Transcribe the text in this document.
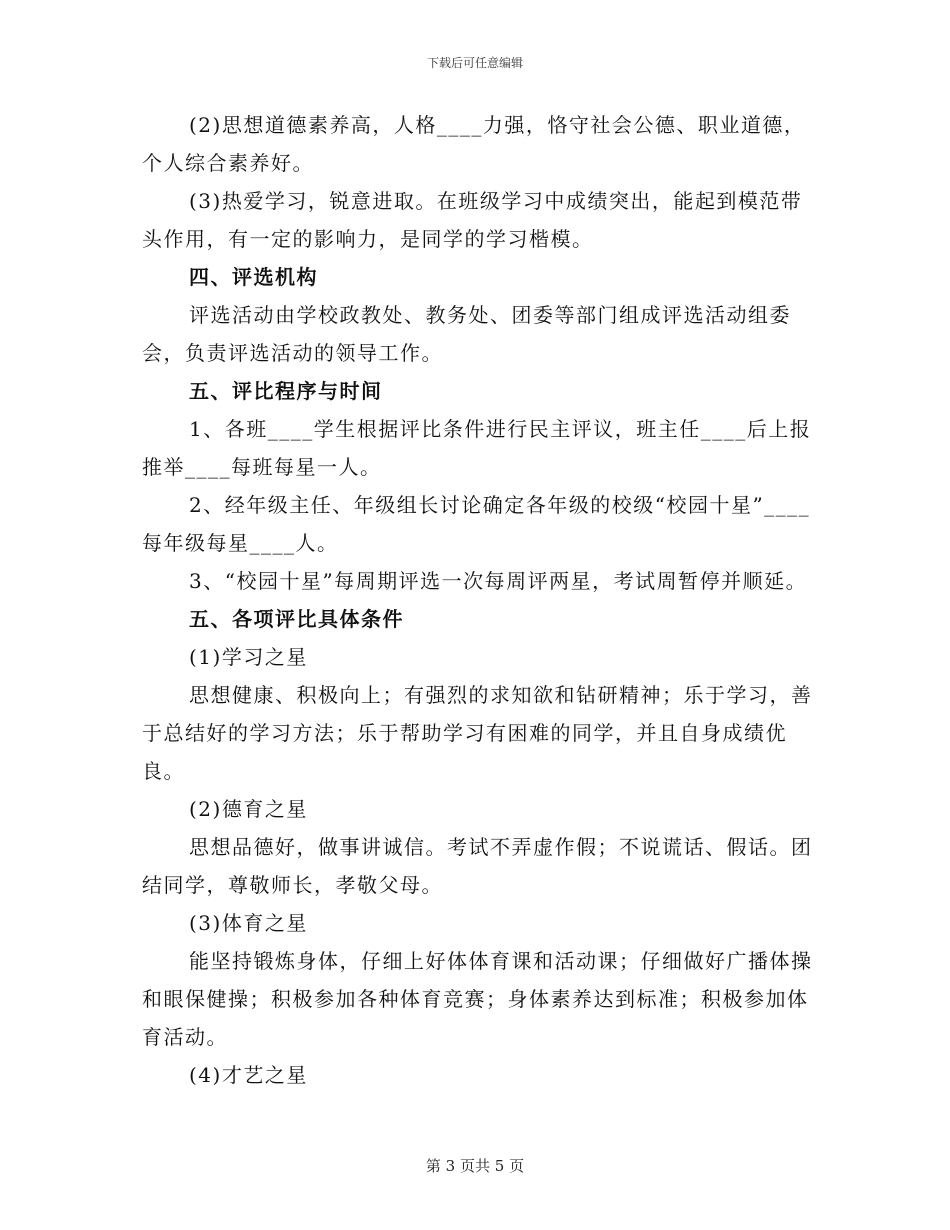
下载后可任意编辑

(2)思想道德素养高，人格____力强，恪守社会公德、职业道德，个人综合素养好。

(3)热爱学习，锐意进取。在班级学习中成绩突出，能起到模范带头作用，有一定的影响力，是同学的学习楷模。

四、评选机构

评选活动由学校政教处、教务处、团委等部门组成评选活动组委会，负责评选活动的领导工作。

五、评比程序与时间

1、各班____学生根据评比条件进行民主评议，班主任____后上报推举____每班每星一人。

2、经年级主任、年级组长讨论确定各年级的校级“校园十星”____每年级每星____人。

3、“校园十星”每周期评选一次每周评两星，考试周暂停并顺延。

五、各项评比具体条件

(1)学习之星

思想健康、积极向上；有强烈的求知欲和钻研精神；乐于学习，善于总结好的学习方法；乐于帮助学习有困难的同学，并且自身成绩优良。

(2)德育之星

思想品德好，做事讲诚信。考试不弄虚作假；不说谎话、假话。团结同学，尊敬师长，孝敬父母。

(3)体育之星

能坚持锻炼身体，仔细上好体体育课和活动课；仔细做好广播体操和眼保健操；积极参加各种体育竞赛；身体素养达到标准；积极参加体育活动。

(4)才艺之星

第 3 页共 5 页
